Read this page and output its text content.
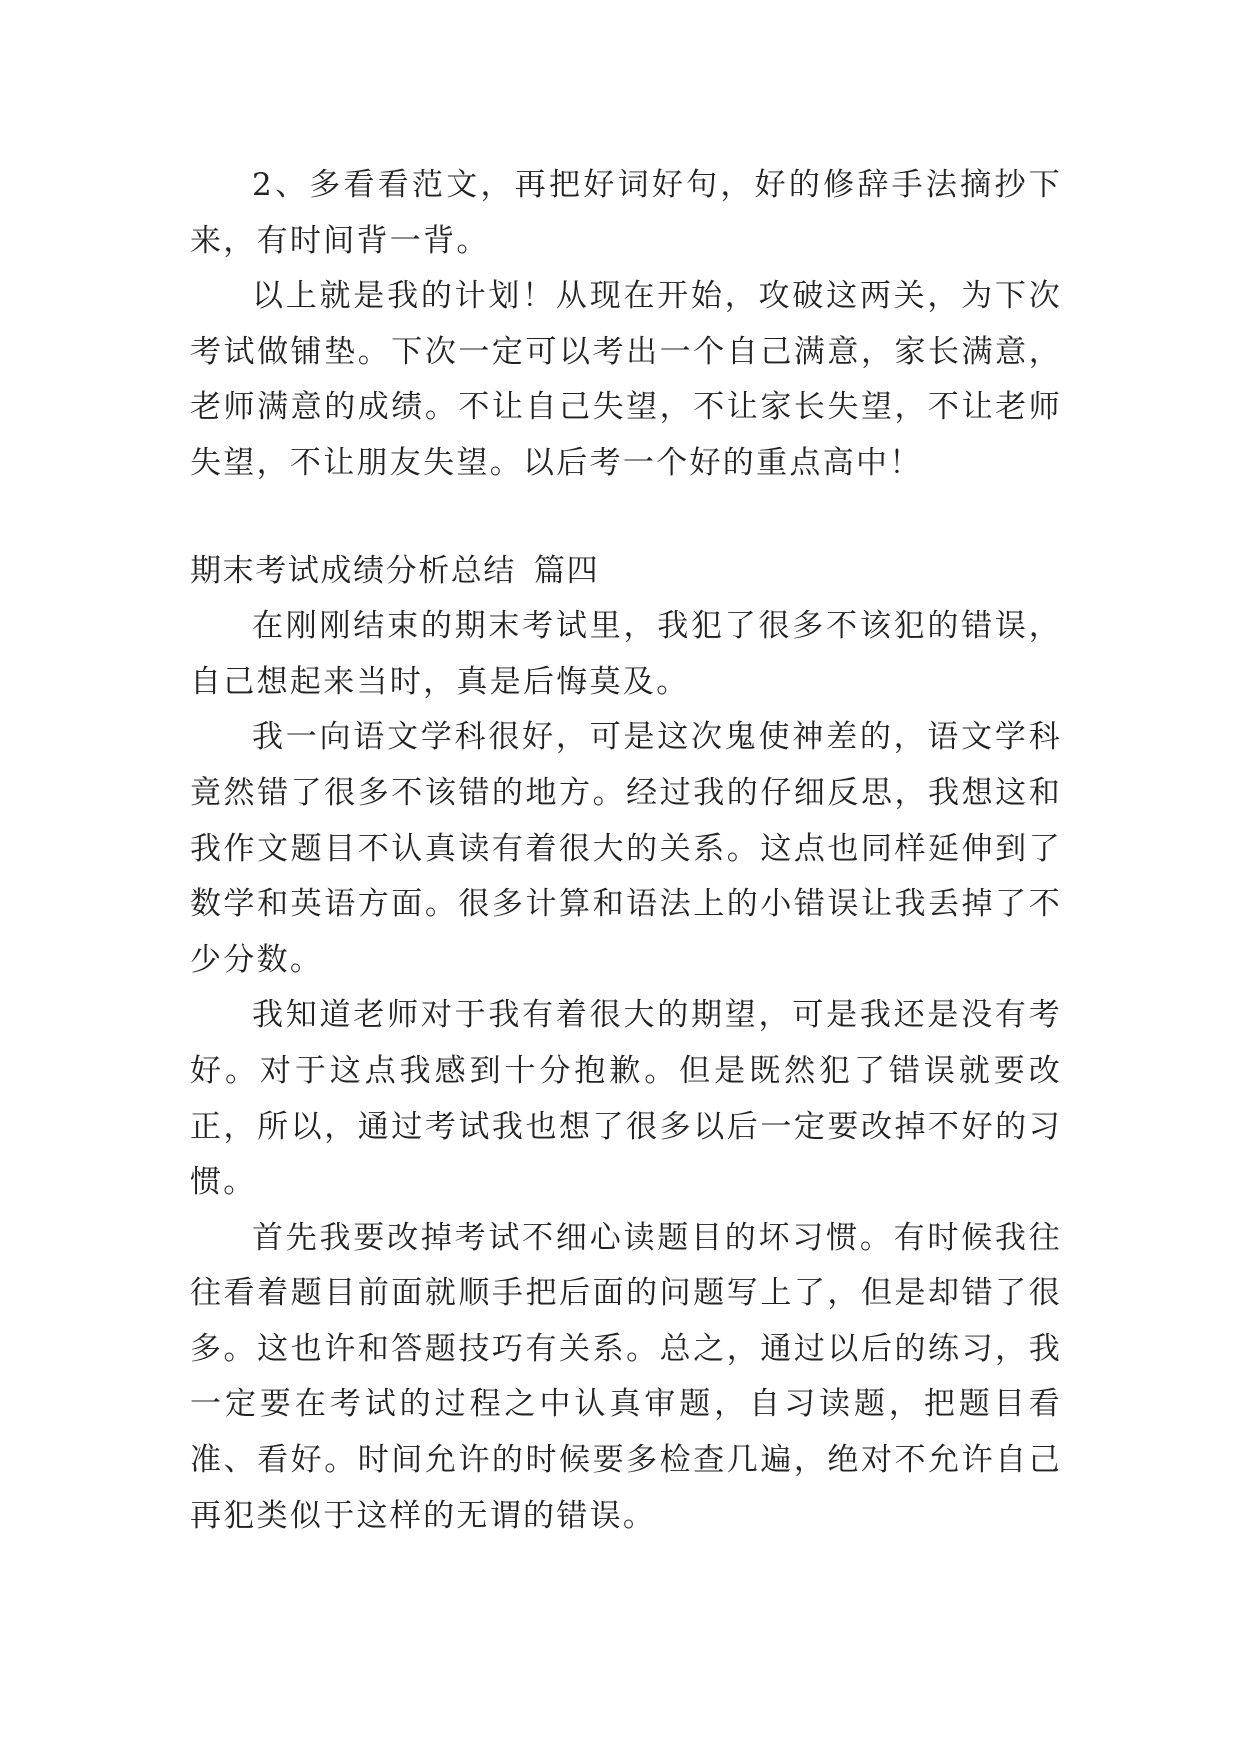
2、多看看范文，再把好词好句，好的修辞手法摘抄下来，有时间背一背。

以上就是我的计划！从现在开始，攻破这两关，为下次考试做铺垫。下次一定可以考出一个自己满意，家长满意，老师满意的成绩。不让自己失望，不让家长失望，不让老师失望，不让朋友失望。以后考一个好的重点高中！

期末考试成绩分析总结 篇四

在刚刚结束的期末考试里，我犯了很多不该犯的错误，自己想起来当时，真是后悔莫及。

我一向语文学科很好，可是这次鬼使神差的，语文学科竟然错了很多不该错的地方。经过我的仔细反思，我想这和我作文题目不认真读有着很大的关系。这点也同样延伸到了数学和英语方面。很多计算和语法上的小错误让我丢掉了不少分数。

我知道老师对于我有着很大的期望，可是我还是没有考好。对于这点我感到十分抱歉。但是既然犯了错误就要改正，所以，通过考试我也想了很多以后一定要改掉不好的习惯。

首先我要改掉考试不细心读题目的坏习惯。有时候我往往看着题目前面就顺手把后面的问题写上了，但是却错了很多。这也许和答题技巧有关系。总之，通过以后的练习，我一定要在考试的过程之中认真审题，自习读题，把题目看准、看好。时间允许的时候要多检查几遍，绝对不允许自己再犯类似于这样的无谓的错误。
